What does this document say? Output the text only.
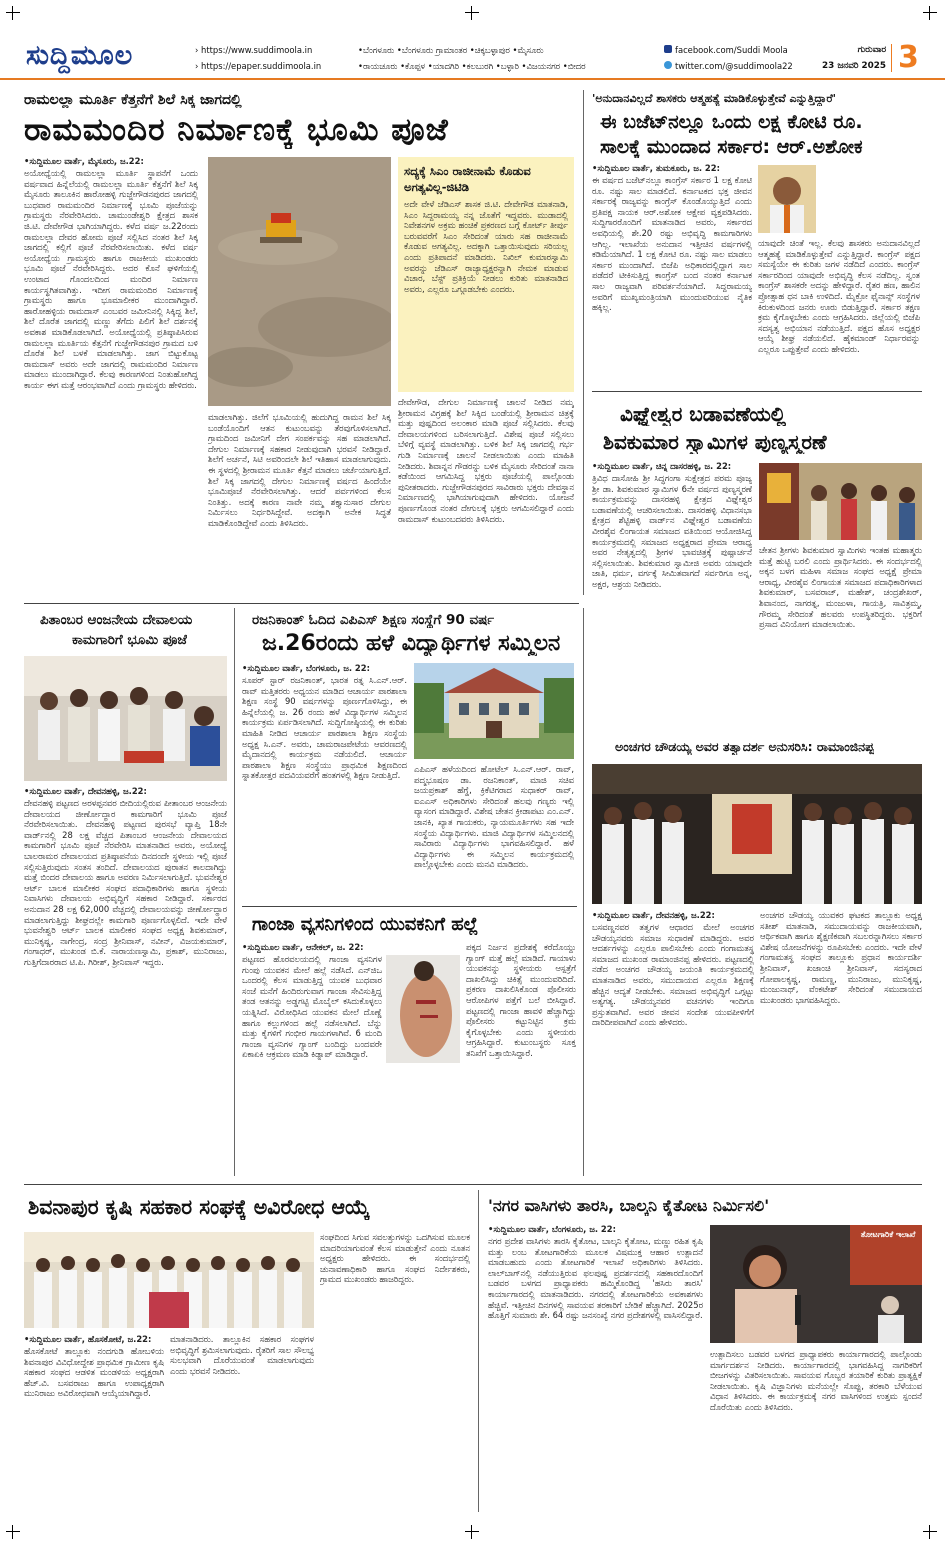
ಸುದ್ದಿಮೂಲ	› https://www.suddimoola.in
› https://epaper.suddimoola.in
•ಬೆಂಗಳೂರು •ಬೆಂಗಳೂರು ಗ್ರಾಮಾಂತರ •ಚಿಕ್ಕಬಳ್ಳಾಪುರ •ಮೈಸೂರು
•ರಾಯಚೂರು •ಕೊಪ್ಪಳ •ಯಾದಗಿರಿ •ಕಲಬುರಗಿ •ಬಳ್ಳಾರಿ •ವಿಜಯನಗರ •ಬೀದರ
facebook.com/Suddi Moola
twitter.com/@suddimoola22
ಗುರುವಾರ
23 ಜನವರಿ 2025 3
ರಾಮಲಲ್ಲಾ ಮೂರ್ತಿ ಕೆತ್ತನೆಗೆ ಶಿಲೆ ಸಿಕ್ಕ ಜಾಗದಲ್ಲಿ
ರಾಮಮಂದಿರ ನಿರ್ಮಾಣಕ್ಕೆ ಭೂಮಿ ಪೂಜೆ
•ಸುದ್ದಿಮೂಲ ವಾರ್ತೆ, ಮೈಸೂರು, ಜ.22:
ಅಯೋಧ್ಯೆಯಲ್ಲಿ ರಾಮಲಲ್ಲಾ ಮೂರ್ತಿ ಸ್ಥಾಪನೆಗೆ ಒಂದು ವರ್ಷವಾದ ಹಿನ್ನೆಲೆಯಲ್ಲಿ ರಾಮಲಲ್ಲಾ ಮೂರ್ತಿ ಕೆತ್ತನೆಗೆ ಶಿಲೆ ಸಿಕ್ಕ ಮೈಸೂರು ತಾಲೂಕಿನ ಹಾರೋಹಳ್ಳಿ ಗುಜ್ಜೇಗೌಡನಪುರದ ಜಾಗದಲ್ಲಿ ಬುಧವಾರ ರಾಮಮಂದಿರ ನಿರ್ಮಾಣಕ್ಕೆ ಭೂಮಿ ಪೂಜೆಯನ್ನು ಗ್ರಾಮಸ್ಥರು ನೆರವೇರಿಸಿದರು. ಚಾಮುಂಡೇಶ್ವರಿ ಕ್ಷೇತ್ರದ ಶಾಸಕ ಜಿ.ಟಿ. ದೇವೇಗೌಡ ಭಾಗಿಯಾಗಿದ್ದರು. ಕಳೆದ ವರ್ಷ ಜ.22ರಂದು ರಾಮಲಲ್ಲಾ ದೇವರ ಹೋಮ ಪೂಜೆ ಸಲ್ಲಿಸಿದ ನಂತರ ಶಿಲೆ ಸಿಕ್ಕ ಜಾಗದಲ್ಲಿ ಕಲ್ಲಿಗೆ ಪೂಜೆ ನೆರವೇರಿಸಲಾಯಿತು. ಕಳೆದ ವರ್ಷ ಅಯೋಧ್ಯೆಯ ಗ್ರಾಮಸ್ಥರು ಹಾಗೂ ರಾಜಕೀಯ ಮುಖಂಡರು ಭೂಮಿ ಪೂಜೆ ನೆರವೇರಿಸಿದ್ದರು. ಅದರ ಕೊನೆ ಘಳಿಗೆಯಲ್ಲಿ ಉಂಟಾದ ಗೊಂದಲದಿಂದ ಮಂದಿರ ನಿರ್ಮಾಣ ಕಾರ್ಯಸ್ಥಗಿತವಾಗಿತ್ತು. ಇದೀಗ ರಾಮಮಂದಿರ ನಿರ್ಮಾಣಕ್ಕೆ ಗ್ರಾಮಸ್ಥರು ಹಾಗೂ ಭೂಮಾಲೀಕರ ಮುಂದಾಗಿದ್ದಾರೆ. ಹಾರೋಹಳ್ಳಿಯ ರಾಮದಾಸ್ ಎಂಬವರ ಜಮೀನಿನಲ್ಲಿ ಸಿಕ್ಕಿದ್ದ ಶಿಲೆ, ಶಿಲೆ ದೊರೆತ ಜಾಗದಲ್ಲಿ ಮಣ್ಣು ತೆಗೆದು ಪಿಲಿಗೆ ಶಿಲೆ ದರ್ಶನಕ್ಕೆ ಅವಕಾಶ ಮಾಡಿಕೊಡಲಾಗಿದೆ. ಅಯೋಧ್ಯೆಯಲ್ಲಿ ಪ್ರತಿಷ್ಠಾಪಿಸಿರುವ ರಾಮಲಲ್ಲಾ ಮೂರ್ತಿಯ ಕೆತ್ತನೆಗೆ ಗುಜ್ಜೇಗೌಡನಪುರ ಗ್ರಾಮದ ಬಳಿ ದೊರೆತ ಶಿಲೆ ಬಳಕೆ ಮಾಡಲಾಗಿತ್ತು. ಜಾಗ ಬಿಟ್ಟುಕೊಟ್ಟ ರಾಮದಾಸ್ ಅವರು ಅದೇ ಜಾಗದಲ್ಲಿ ರಾಮಮಂದಿರ ನಿರ್ಮಾಣ ಮಾಡಲು ಮುಂದಾಗಿದ್ದಾರೆ. ಕೆಲವು ಕಾರಣಗಳಿಂದ ನಿಂತುಹೋಗಿದ್ದ ಕಾರ್ಯ ಈಗ ಮತ್ತೆ ಆರಂಭವಾಗಿದೆ ಎಂದು ಗ್ರಾಮಸ್ಥರು ಹೇಳಿದರು.
ಮಾಡಲಾಗಿತ್ತು. ಜಿಲೆಗೆ ಭೂಮಿಯಲ್ಲಿ ಹುದುಗಿದ್ದ ರಾಮನ ಶಿಲೆ ಸಿಕ್ಕ ಬಂಡೆಯೊಂದಿಗೆ ಆತನ ಕುಟುಂಬವನ್ನು ತೆರವುಗೊಳಿಸಲಾಗಿದೆ. ಗ್ರಾಮದಿಂದ ಜಮೀನಿಗೆ ದೇಗ ಸಂಪರ್ಕವನ್ನು ಸಹ ಮಾಡಲಾಗಿದೆ. ದೇಗುಲ ನಿರ್ಮಾಣಕ್ಕೆ ಸಹಕಾರ ನೀಡುವುದಾಗಿ ಭರವಸೆ ನೀಡಿದ್ದಾರೆ. ಶಿಲೆಗೆ ಅರ್ಚನೆ, ಸಿಟಿ ಅವರಿಂದಲೇ ಶಿಲೆ ಇತಿಹಾಸ ಮಾಡಲಾಗುವುದು. ಈ ಸ್ಥಳದಲ್ಲಿ ಶ್ರೀರಾಮನ ಮೂರ್ತಿ ಕೆತ್ತನೆ ಮಾಡಲು ಚರ್ಚೆಯಾಗುತ್ತಿದೆ. ಶಿಲೆ ಸಿಕ್ಕ ಜಾಗದಲ್ಲಿ ದೇಗುಲ ನಿರ್ಮಾಣಕ್ಕೆ ವರ್ಷದ ಹಿಂದೆಯೇ ಭೂಮಿಪೂಜೆ ನೆರವೇರಿಸಲಾಗಿತ್ತು. ಆದರೆ ಪರ್ವಗಳಿಂದ ಕೆಲಸ ನಿಂತಿತ್ತು. ಅದಕ್ಕೆ ಕಾರಣ ನಾವೇ ನಮ್ಮ ಶಕ್ತ್ಯಾನುಸಾರ ದೇಗುಲ ನಿರ್ಮಿಸಲು ನಿರ್ಧರಿಸಿದ್ದೇವೆ. ಅದಕ್ಕಾಗಿ ಅನೇಕ ಸಿದ್ಧತೆ ಮಾಡಿಕೊಂಡಿದ್ದೇವೆ ಎಂದು ತಿಳಿಸಿದರು.
ಸದ್ಯಕ್ಕೆ ಸಿಎಂ ರಾಜೀನಾಮೆ ಕೊಡುವ ಅಗತ್ಯವಿಲ್ಲ-ಜಿಟಿಡಿ
ಅದೇ ವೇಳೆ ಜೆಡಿಎಸ್ ಶಾಸಕ ಜಿ.ಟಿ. ದೇವೇಗೌಡ ಮಾತನಾಡಿ, ಸಿಎಂ ಸಿದ್ದರಾಮಯ್ಯ ನನ್ನ ಜೊತೆಗೆ ಇದ್ದವರು. ಮುಡಾದಲ್ಲಿ ನಿವೇಶನಗಳ ಅಕ್ರಮ ಹಂಚಿಕೆ ಪ್ರಕರಣದ ಬಗ್ಗೆ ಕೋರ್ಟ್ ತೀರ್ಪು ಬರುವವರೆಗೆ ಸಿಎಂ ಸೇರಿದಂತೆ ಯಾರು ಸಹ ರಾಜೀನಾಮೆ ಕೊಡುವ ಅಗತ್ಯವಿಲ್ಲ. ಅದಕ್ಕಾಗಿ ಒತ್ತಾಯಿಸುವುದು ಸರಿಯಲ್ಲ ಎಂದು ಪ್ರತಿಪಾದನೆ ಮಾಡಿದರು. ನಿಖಿಲ್ ಕುಮಾರಸ್ವಾಮಿ ಅವರನ್ನು ಜೆಡಿಎಸ್ ರಾಜ್ಯಾಧ್ಯಕ್ಷರನ್ನಾಗಿ ನೇಮಕ ಮಾಡುವ ವಿಚಾರ, ಬೆಸ್ಟ್ ಪ್ರತಿಕ್ರಿಯೆ ನೀಡಲು ಕುರಿತು ಮಾತನಾಡಿದ ಅವರು, ಎಲ್ಲರೂ ಒಗ್ಗೂಡಬೇಕು ಎಂದರು.
ದೇವೇಗೌಡ, ದೇಗುಲ ನಿರ್ಮಾಣಕ್ಕೆ ಚಾಲನೆ ನೀಡಿದ ನಮ್ಮ ಶ್ರೀರಾಮನ ವಿಗ್ರಹಕ್ಕೆ ಶಿಲೆ ಸಿಕ್ಕಿದ ಬಂಡೆಯಲ್ಲಿ ಶ್ರೀರಾಮನ ಚಿತ್ರಕ್ಕೆ ಮತ್ತು ಪುಷ್ಪದಿಂದ ಅಲಂಕಾರ ಮಾಡಿ ಪೂಜೆ ಸಲ್ಲಿಸಿದರು. ಕೆಲವು ದೇವಾಲಯಗಳಿಂದ ಬರಿಸಲಾಗುತ್ತಿದೆ. ವಿಶೇಷ ಪೂಜೆ ಸಲ್ಲಿಸಲು ಬೆಳಿಗ್ಗೆ ವ್ಯವಸ್ಥೆ ಮಾಡಲಾಗಿತ್ತು. ಬಳಿಕ ಶಿಲೆ ಸಿಕ್ಕ ಜಾಗದಲ್ಲಿ ಗರ್ಭ ಗುಡಿ ನಿರ್ಮಾಣಕ್ಕೆ ಚಾಲನೆ ನೀಡಲಾಯಿತು ಎಂದು ಮಾಹಿತಿ ನೀಡಿದರು. ಶಿವಾನ್ನನ ಗೌಡರನ್ನು ಬಳಿಕ ಮೈಸೂರು ಸೇರಿದಂತೆ ನಾನಾ ಕಡೆಯಿಂದ ಆಗಮಿಸಿದ್ದ ಭಕ್ತರು ಪೂಜೆಯಲ್ಲಿ ಪಾಲ್ಗೊಂಡು ಪುನೀತರಾದರು. ಗುಜ್ಜೇಗೌಡನಪುರದ ಸಾವಿರಾರು ಭಕ್ತರು ದೇವಸ್ಥಾನ ನಿರ್ಮಾಣದಲ್ಲಿ ಭಾಗಿಯಾಗುವುದಾಗಿ ಹೇಳಿದರು. ಯೋಜನೆ ಪೂರ್ಣಗೊಂಡ ನಂತರ ದೇಗುಲಕ್ಕೆ ಭಕ್ತರು ಆಗಮಿಸಲಿದ್ದಾರೆ ಎಂದು ರಾಮದಾಸ್ ಕುಟುಂಬದವರು ತಿಳಿಸಿದರು.
'ಅನುದಾನವಿಲ್ಲದೆ ಶಾಸಕರು ಆತ್ಮಹತ್ಯೆ ಮಾಡಿಕೊಳ್ಳುತ್ತೇವೆ ಎನ್ನುತ್ತಿದ್ದಾರೆ'
ಈ ಬಜೆಟ್‌ನಲ್ಲೂ ಒಂದು ಲಕ್ಷ ಕೋಟಿ ರೂ.
ಸಾಲಕ್ಕೆ ಮುಂದಾದ ಸರ್ಕಾರ: ಆರ್.ಅಶೋಕ
•ಸುದ್ದಿಮೂಲ ವಾರ್ತೆ, ತುಮಕೂರು, ಜ. 22:
ಈ ವರ್ಷದ ಬಜೆಟ್‌ನಲ್ಲೂ ಕಾಂಗ್ರೆಸ್ ಸರ್ಕಾರ 1 ಲಕ್ಷ ಕೋಟಿ ರೂ. ನಷ್ಟು ಸಾಲ ಮಾಡಲಿದೆ. ಕರ್ನಾಟಕದ ಭಕ್ತ ಜೀವನ ಸರ್ಕಾರಕ್ಕೆ ರಾಜ್ಯವನ್ನು ಕಾಂಗ್ರೆಸ್ ಕೊಂಡೊಯ್ಯುತ್ತಿದೆ ಎಂದು ಪ್ರತಿಪಕ್ಷ ನಾಯಕ ಆರ್.ಅಶೋಕ ಆಕ್ಷೇಪ ವ್ಯಕ್ತಪಡಿಸಿದರು. ಸುದ್ದಿಗಾರರೊಂದಿಗೆ ಮಾತನಾಡಿದ ಅವರು, ಸರ್ಕಾರದ ಅವಧಿಯಲ್ಲಿ ಶೇ.20 ರಷ್ಟು ಅಭಿವೃದ್ಧಿ ಕಾಮಗಾರಿಗಳು ಆಗಿಲ್ಲ. ಇಲಾಖೆಯ ಅನುದಾನ ಇತ್ತೀಚಿನ ವರ್ಷಗಳಲ್ಲಿ ಕಡಿಮೆಯಾಗಿದೆ. 1 ಲಕ್ಷ ಕೋಟಿ ರೂ. ನಷ್ಟು ಸಾಲ ಮಾಡಲು ಸರ್ಕಾರ ಮುಂದಾಗಿದೆ. ಬಿಜೆಪಿ ಅಧಿಕಾರದಲ್ಲಿದ್ದಾಗ ಸಾಲ ಪಡೆದರೆ ಟೀಕಿಸುತ್ತಿದ್ದ ಕಾಂಗ್ರೆಸ್ ಬಂದ ನಂತರ ಕರ್ನಾಟಕ ಸಾಲ ರಾಜ್ಯವಾಗಿ ಪರಿವರ್ತನೆಯಾಗಿದೆ. ಸಿದ್ದರಾಮಯ್ಯ ಅವರಿಗೆ ಮುಖ್ಯಮಂತ್ರಿಯಾಗಿ ಮುಂದುವರಿಯುವ ನೈತಿಕ ಹಕ್ಕಿಲ್ಲ.
ಯಾವುದೇ ಚಿಂತೆ ಇಲ್ಲ. ಕೆಲವು ಶಾಸಕರು ಅನುದಾನವಿಲ್ಲದೆ ಆತ್ಮಹತ್ಯೆ ಮಾಡಿಕೊಳ್ಳುತ್ತೇವೆ ಎನ್ನುತ್ತಿದ್ದಾರೆ. ಕಾಂಗ್ರೆಸ್ ಪಕ್ಷದ ಸಮಸ್ಯೆಯೇ ಈ ಕುರಿತು ಜಗಳ ನಡೆದಿದೆ ಎಂದರು. ಕಾಂಗ್ರೆಸ್ ಸರ್ಕಾರದಿಂದ ಯಾವುದೇ ಅಭಿವೃದ್ಧಿ ಕೆಲಸ ನಡೆದಿಲ್ಲ. ಸ್ವಂತ ಕಾಂಗ್ರೆಸ್ ಶಾಸಕರೇ ಅದನ್ನು ಹೇಳಿದ್ದಾರೆ. ರೈತರ ಹಣ, ಹಾಲಿನ ಪ್ರೋತ್ಸಾಹ ಧನ ಬಾಕಿ ಉಳಿದಿದೆ. ಮೈಕ್ರೋ ಫೈನಾನ್ಸ್ ಸಂಸ್ಥೆಗಳ ಕಿರುಕುಳದಿಂದ ಜನರು ಊರು ಬಿಡುತ್ತಿದ್ದಾರೆ. ಸರ್ಕಾರ ತಕ್ಷಣ ಕ್ರಮ ಕೈಗೊಳ್ಳಬೇಕು ಎಂದು ಆಗ್ರಹಿಸಿದರು. ಜಿಲ್ಲೆಯಲ್ಲಿ ಬಿಜೆಪಿ ಸದಸ್ಯತ್ವ ಅಭಿಯಾನ ನಡೆಯುತ್ತಿದೆ. ಪಕ್ಷದ ಹೊಸ ಅಧ್ಯಕ್ಷರ ಆಯ್ಕೆ ಶೀಘ್ರ ನಡೆಯಲಿದೆ. ಹೈಕಮಾಂಡ್ ನಿರ್ಧಾರವನ್ನು ಎಲ್ಲರೂ ಒಪ್ಪುತ್ತೇವೆ ಎಂದು ಹೇಳಿದರು.
ವಿಘ್ನೇಶ್ವರ ಬಡಾವಣೆಯಲ್ಲಿ
ಶಿವಕುಮಾರ ಸ್ವಾಮಿಗಳ ಪುಣ್ಯಸ್ಮರಣೆ
•ಸುದ್ದಿಮೂಲ ವಾರ್ತೆ, ಚಿನ್ನ ದಾಸರಹಳ್ಳಿ, ಜ. 22:
ತ್ರಿವಿಧ ದಾಸೋಹಿ ಶ್ರೀ ಸಿದ್ಧಗಂಗಾ ಸುಕ್ಷೇತ್ರದ ಪರಮ ಪೂಜ್ಯ ಶ್ರೀ ಡಾ. ಶಿವಕುಮಾರ ಸ್ವಾಮಿಗಳ 6ನೇ ವರ್ಷದ ಪುಣ್ಯಸ್ಮರಣೆ ಕಾರ್ಯಕ್ರಮವನ್ನು ದಾಸರಹಳ್ಳಿ ಕ್ಷೇತ್ರದ ವಿಘ್ನೇಶ್ವರ ಬಡಾವಣೆಯಲ್ಲಿ ಆಚರಿಸಲಾಯಿತು. ದಾಸರಹಳ್ಳಿ ವಿಧಾನಸಭಾ ಕ್ಷೇತ್ರದ ಶೆಟ್ಟಿಹಳ್ಳಿ ವಾರ್ಡ್‌ನ ವಿಘ್ನೇಶ್ವರ ಬಡಾವಣೆಯ ವೀರಶೈವ ಲಿಂಗಾಯತ ಸಮಾಜದ ವತಿಯಿಂದ ಆಯೋಜಿಸಿದ್ದ ಕಾರ್ಯಕ್ರಮದಲ್ಲಿ ಸಮಾಜದ ಅಧ್ಯಕ್ಷರಾದ ಪ್ರೇಮಾ ಆರಾಧ್ಯ ಅವರ ನೇತೃತ್ವದಲ್ಲಿ ಶ್ರೀಗಳ ಭಾವಚಿತ್ರಕ್ಕೆ ಪುಷ್ಪಾರ್ಚನೆ ಸಲ್ಲಿಸಲಾಯಿತು. ಶಿವಕುಮಾರ ಸ್ವಾಮೀಜಿ ಅವರು ಯಾವುದೇ ಜಾತಿ, ಧರ್ಮ, ವರ್ಗಕ್ಕೆ ಸೀಮಿತವಾಗದೆ ಸರ್ವರಿಗೂ ಅನ್ನ, ಅಕ್ಷರ, ಆಶ್ರಯ ನೀಡಿದರು.
ಚೇತನ ಶ್ರೀಗಳು ಶಿವಕುಮಾರ ಸ್ವಾಮಿಗಳು ಇಂತಹ ಮಹಾತ್ಮರು ಮತ್ತೆ ಹುಟ್ಟಿ ಬರಲಿ ಎಂದು ಪ್ರಾರ್ಥಿಸಿದರು. ಈ ಸಂದರ್ಭದಲ್ಲಿ ಅಕ್ಕನ ಬಳಗ ಮಹಿಳಾ ಸಮಾಜ ಸಂಘದ ಅಧ್ಯಕ್ಷೆ ಪ್ರೇಮಾ ಆರಾಧ್ಯ, ವೀರಶೈವ ಲಿಂಗಾಯತ ಸಮಾಜದ ಪದಾಧಿಕಾರಿಗಳಾದ ಶಿವಕುಮಾರ್, ಬಸವರಾಜ್, ಮಹೇಶ್, ಚಂದ್ರಶೇಖರ್, ಶಿವಾನಂದ, ನಾಗರತ್ನ, ಮಂಜುಳಾ, ಗಾಯತ್ರಿ, ಸಾವಿತ್ರಮ್ಮ, ಗೌರಮ್ಮ ಸೇರಿದಂತೆ ಹಲವರು ಉಪಸ್ಥಿತರಿದ್ದರು. ಭಕ್ತರಿಗೆ ಪ್ರಸಾದ ವಿನಿಯೋಗ ಮಾಡಲಾಯಿತು.
ಪಿತಾಂಬರ ಆಂಜನೇಯ ದೇವಾಲಯ
ಕಾಮಗಾರಿಗೆ ಭೂಮಿ ಪೂಜೆ
•ಸುದ್ದಿಮೂಲ ವಾರ್ತೆ, ದೇವನಹಳ್ಳಿ, ಜ.22:
ದೇವನಹಳ್ಳಿ ಪಟ್ಟಣದ ಅರಳಪ್ಪನವರ ಬೀದಿಯಲ್ಲಿರುವ ಪೀತಾಂಬರ ಆಂಜನೇಯ ದೇವಾಲಯದ ಜೀರ್ಣೋದ್ಧಾರ ಕಾಮಗಾರಿಗೆ ಭೂಮಿ ಪೂಜೆ ನೆರವೇರಿಸಲಾಯಿತು. ದೇವನಹಳ್ಳಿ ಪಟ್ಟಣದ ಪುರಸಭೆ ವ್ಯಾಪ್ತಿ 18ನೇ ವಾರ್ಡ್‌ನಲ್ಲಿ 28 ಲಕ್ಷ ವೆಚ್ಚದ ಪಿತಾಂಬರ ಆಂಜನೇಯ ದೇವಾಲಯದ ಕಾಮಗಾರಿಗೆ ಭೂಮಿ ಪೂಜೆ ನೆರವೇರಿಸಿ ಮಾತನಾಡಿದ ಅವರು, ಅಯೋಧ್ಯೆ ಬಾಲರಾಮರ ದೇವಾಲಯದ ಪ್ರತಿಷ್ಠಾಪನೆಯ ದಿನದಂದೇ ಸ್ಥಳೀಯ ಇಲ್ಲಿ ಪೂಜೆ ಸಲ್ಲಿಸುತ್ತಿರುವುದು ಸಂತಸ ತಂದಿದೆ. ದೇವಾಲಯದ ಪುರಾತನ ಕಾಲದಾಗಿದ್ದು ಮತ್ತೆ ಬಿಂದರ ದೇವಾಲಯ ಹಾಗೂ ಅವರಣ ನಿರ್ಮಿಸಲಾಗುತ್ತಿದೆ. ಭುವನೇಶ್ವರ ಆರ್ಟ್ ಬಾಲಕ ಮಾಲೀಕರ ಸಂಘದ ಪದಾಧಿಕಾರಿಗಳು ಹಾಗೂ ಸ್ಥಳೀಯ ನಿವಾಸಿಗಳು ದೇವಾಲಯ ಅಭಿವೃದ್ಧಿಗೆ ಸಹಕಾರ ನೀಡಿದ್ದಾರೆ. ಸರ್ಕಾರದ ಅನುದಾನ 28 ಲಕ್ಷ 62,000 ವೆಚ್ಚದಲ್ಲಿ ದೇವಾಲಯವನ್ನು ಜೀರ್ಣೋದ್ಧಾರ ಮಾಡಲಾಗುತ್ತಿದ್ದು ಶೀಘ್ರದಲ್ಲೇ ಕಾಮಗಾರಿ ಪೂರ್ಣಗೊಳ್ಳಲಿದೆ. ಇದೇ ವೇಳೆ ಭುವನೇಶ್ವರಿ ಆರ್ಟ್ ಬಾಲಕ ಮಾಲೀಕರ ಸಂಘದ ಅಧ್ಯಕ್ಷ ಶಿವಕುಮಾರ್, ಮುನಿಕೃಷ್ಣ, ನಾಗೇಂದ್ರ, ಸಂದ್ರ ಶ್ರೀನಿವಾಸ್, ನವೀನ್, ವಿಜಯಕುಮಾರ್, ಗಂಗಾಧರ್, ಮುಖಂಡ ಬಿ.ಕೆ. ನಾರಾಯಣಸ್ವಾಮಿ, ಪ್ರಕಾಶ್, ಮುನಿರಾಜು, ಗುತ್ತಿಗೆದಾರರಾದ ಟಿ.ಪಿ. ಗಿರೀಶ್, ಶ್ರೀನಿವಾಸ್ ಇದ್ದರು.
ರಜನಿಕಾಂತ್ ಓದಿದ ಎಪಿಎಸ್ ಶಿಕ್ಷಣ ಸಂಸ್ಥೆಗೆ 90 ವರ್ಷ
ಜ.26ರಂದು ಹಳೆ ವಿದ್ಯಾರ್ಥಿಗಳ ಸಮ್ಮಿಲನ
•ಸುದ್ದಿಮೂಲ ವಾರ್ತೆ, ಬೆಂಗಳೂರು, ಜ. 22:
ಸೂಪರ್ ಸ್ಟಾರ್ ರಜನಿಕಾಂತ್, ಭಾರತ ರತ್ನ ಸಿ.ಎನ್.ಆರ್. ರಾವ್ ಮತ್ತಿತರರು ಅಧ್ಯಯನ ಮಾಡಿದ ಆಚಾರ್ಯ ಪಾಠಶಾಲಾ ಶಿಕ್ಷಣ ಸಂಸ್ಥೆ 90 ವರ್ಷಗಳನ್ನು ಪೂರ್ಣಗೊಳಿಸಿದ್ದು, ಈ ಹಿನ್ನೆಲೆಯಲ್ಲಿ ಜ. 26 ರಂದು ಹಳೆ ವಿದ್ಯಾರ್ಥಿಗಳ ಸಮ್ಮಿಲನ ಕಾರ್ಯಕ್ರಮ ಏರ್ಪಡಿಸಲಾಗಿದೆ. ಸುದ್ದಿಗೋಷ್ಠಿಯಲ್ಲಿ ಈ ಕುರಿತು ಮಾಹಿತಿ ನೀಡಿದ ಆಚಾರ್ಯ ಪಾಠಶಾಲಾ ಶಿಕ್ಷಣ ಸಂಸ್ಥೆಯ ಅಧ್ಯಕ್ಷ ಸಿ.ಎನ್. ಅವರು, ಚಾಮರಾಜಪೇಟೆಯ ಆವರಣದಲ್ಲಿ ಮೈದಾನದಲ್ಲಿ ಕಾರ್ಯಕ್ರಮ ನಡೆಯಲಿದೆ. ಆಚಾರ್ಯ ಪಾಠಶಾಲಾ ಶಿಕ್ಷಣ ಸಂಸ್ಥೆಯು ಪ್ರಾಥಮಿಕ ಶಿಕ್ಷಣದಿಂದ ಸ್ನಾತಕೋತ್ತರ ಪದವಿಯವರೆಗೆ ಹಂತಗಳಲ್ಲಿ ಶಿಕ್ಷಣ ನೀಡುತ್ತಿದೆ.
ಎಪಿಎಸ್ ಹಳೆಯದಿಂದ ಹೋಟೆಲ್ ಸಿ.ಎನ್.ಆರ್. ರಾವ್, ಪದ್ಮಭೂಷಣ ಡಾ. ರಜನಿಕಾಂತ್, ಮಾಜಿ ಸಚಿವ ಜಯಪ್ರಕಾಶ್ ಹೆಗ್ಡೆ, ಕ್ರಿಕೆಟಿಗರಾದ ಸುಧಾಕರ್ ರಾವ್, ಐಎಎಸ್ ಅಧಿಕಾರಿಗಳು ಸೇರಿದಂತೆ ಹಲವು ಗಣ್ಯರು ಇಲ್ಲಿ ವ್ಯಾಸಂಗ ಮಾಡಿದ್ದಾರೆ. ವಿಶೇಷ ಚೇತನ ಕ್ರೀಡಾಪಟು ಎಂ.ಎನ್. ಜಾನಕಿ, ಖ್ಯಾತ ಗಾಯಕರು, ನ್ಯಾಯಮೂರ್ತಿಗಳು ಸಹ ಇದೇ ಸಂಸ್ಥೆಯ ವಿದ್ಯಾರ್ಥಿಗಳು. ಮಾಜಿ ವಿದ್ಯಾರ್ಥಿಗಳ ಸಮ್ಮಿಲನದಲ್ಲಿ ಸಾವಿರಾರು ವಿದ್ಯಾರ್ಥಿಗಳು ಭಾಗವಹಿಸಲಿದ್ದಾರೆ. ಹಳೆ ವಿದ್ಯಾರ್ಥಿಗಳು ಈ ಸಮ್ಮಿಲನ ಕಾರ್ಯಕ್ರಮದಲ್ಲಿ ಪಾಲ್ಗೊಳ್ಳಬೇಕು ಎಂದು ಮನವಿ ಮಾಡಿದರು.
ಗಾಂಜಾ ವ್ಯಸನಿಗಳಿಂದ ಯುವಕನಿಗೆ ಹಲ್ಲೆ
•ಸುದ್ದಿಮೂಲ ವಾರ್ತೆ, ಆನೇಕಲ್, ಜ. 22:
ಪಟ್ಟಣದ ಹೊರವಲಯದಲ್ಲಿ ಗಾಂಜಾ ವ್ಯಸನಿಗಳ ಗುಂಪು ಯುವಕನ ಮೇಲೆ ಹಲ್ಲೆ ನಡೆಸಿದೆ. ಎನ್‌ಜಿಒ ಒಂದರಲ್ಲಿ ಕೆಲಸ ಮಾಡುತ್ತಿದ್ದ ಯುವಕ ಬುಧವಾರ ಸಂಜೆ ಮನೆಗೆ ಹಿಂದಿರುಗುವಾಗ ಗಾಂಜಾ ಸೇವಿಸುತ್ತಿದ್ದ ತಂಡ ಆತನನ್ನು ಅಡ್ಡಗಟ್ಟಿ ಮೊಬೈಲ್ ಕಸಿದುಕೊಳ್ಳಲು ಯತ್ನಿಸಿದೆ. ವಿರೋಧಿಸಿದ ಯುವಕನ ಮೇಲೆ ದೊಣ್ಣೆ ಹಾಗೂ ಕಲ್ಲುಗಳಿಂದ ಹಲ್ಲೆ ನಡೆಸಲಾಗಿದೆ. ಬೆನ್ನು ಮತ್ತು ಕೈಗಳಿಗೆ ಗಂಭೀರ ಗಾಯಗಳಾಗಿವೆ. 6 ಮಂದಿ ಗಾಂಜಾ ವ್ಯಸನಿಗಳ ಗ್ಯಾಂಗ್ ಬಂದಿದ್ದು ಬಂದವರೇ ಏಕಾಏಕಿ ಆಕ್ರಮಣ ಮಾಡಿ ಕಿಡ್ನಾಪ್ ಮಾಡಿದ್ದಾರೆ.
ಪಕ್ಕದ ನಿರ್ಜನ ಪ್ರದೇಶಕ್ಕೆ ಕರೆದೊಯ್ದು ಗ್ಯಾಂಗ್ ಮತ್ತೆ ಹಲ್ಲೆ ಮಾಡಿದೆ. ಗಾಯಾಳು ಯುವಕನನ್ನು ಸ್ಥಳೀಯರು ಆಸ್ಪತ್ರೆಗೆ ದಾಖಲಿಸಿದ್ದು ಚಿಕಿತ್ಸೆ ಮುಂದುವರಿದಿದೆ. ಪ್ರಕರಣ ದಾಖಲಿಸಿಕೊಂಡ ಪೊಲೀಸರು ಆರೋಪಿಗಳ ಪತ್ತೆಗೆ ಬಲೆ ಬೀಸಿದ್ದಾರೆ. ಪಟ್ಟಣದಲ್ಲಿ ಗಾಂಜಾ ಹಾವಳಿ ಹೆಚ್ಚಾಗಿದ್ದು ಪೊಲೀಸರು ಕಟ್ಟುನಿಟ್ಟಿನ ಕ್ರಮ ಕೈಗೊಳ್ಳಬೇಕು ಎಂದು ಸ್ಥಳೀಯರು ಆಗ್ರಹಿಸಿದ್ದಾರೆ. ಕುಟುಂಬಸ್ಥರು ಸೂಕ್ತ ತನಿಖೆಗೆ ಒತ್ತಾಯಿಸಿದ್ದಾರೆ.
ಅಂಚಗರ ಚೌಡಯ್ಯ ಅವರ ತತ್ವಾದರ್ಶ ಅನುಸರಿಸಿ: ರಾಮಾಂಜಿನಪ್ಪ
•ಸುದ್ದಿಮೂಲ ವಾರ್ತೆ, ದೇವನಹಳ್ಳಿ, ಜ.22:
ಬಸವಣ್ಣನವರ ತತ್ವಗಳ ಆಧಾರದ ಮೇಲೆ ಅಂಚಗರ ಚೌಡಯ್ಯನವರು ಸಮಾಜ ಸುಧಾರಣೆ ಮಾಡಿದ್ದರು. ಅವರ ಆದರ್ಶಗಳನ್ನು ಎಲ್ಲರೂ ಪಾಲಿಸಬೇಕು ಎಂದು ಗಂಗಾಮತಸ್ಥ ಸಮಾಜದ ಮುಖಂಡ ರಾಮಾಂಜಿನಪ್ಪ ಹೇಳಿದರು. ಪಟ್ಟಣದಲ್ಲಿ ನಡೆದ ಅಂಚಗರ ಚೌಡಯ್ಯ ಜಯಂತಿ ಕಾರ್ಯಕ್ರಮದಲ್ಲಿ ಮಾತನಾಡಿದ ಅವರು, ಸಮುದಾಯದ ಎಲ್ಲರೂ ಶಿಕ್ಷಣಕ್ಕೆ ಹೆಚ್ಚಿನ ಆದ್ಯತೆ ನೀಡಬೇಕು. ಸಮಾಜದ ಅಭಿವೃದ್ಧಿಗೆ ಒಗ್ಗಟ್ಟು ಅತ್ಯಗತ್ಯ. ಚೌಡಯ್ಯನವರ ವಚನಗಳು ಇಂದಿಗೂ ಪ್ರಸ್ತುತವಾಗಿವೆ. ಅವರ ಜೀವನ ಸಂದೇಶ ಯುವಪೀಳಿಗೆಗೆ ದಾರಿದೀಪವಾಗಿದೆ ಎಂದು ಹೇಳಿದರು.
ಅಂಚಗರ ಚೌಡಯ್ಯ ಯುವಕರ ಘಟಕದ ತಾಲ್ಲೂಕು ಅಧ್ಯಕ್ಷ ಸತೀಶ್ ಮಾತನಾಡಿ, ಸಮುದಾಯವನ್ನು ರಾಜಕೀಯವಾಗಿ, ಆರ್ಥಿಕವಾಗಿ ಹಾಗೂ ಶೈಕ್ಷಣಿಕವಾಗಿ ಸಬಲರನ್ನಾಗಿಸಲು ಸರ್ಕಾರ ವಿಶೇಷ ಯೋಜನೆಗಳನ್ನು ರೂಪಿಸಬೇಕು ಎಂದರು. ಇದೇ ವೇಳೆ ಗಂಗಾಮತಸ್ಥ ಸಂಘದ ತಾಲ್ಲೂಕು ಪ್ರಧಾನ ಕಾರ್ಯದರ್ಶಿ ಶ್ರೀನಿವಾಸ್, ಖಜಾಂಚಿ ಶ್ರೀನಿವಾಸ್, ಸದಸ್ಯರಾದ ಗೋಪಾಲಕೃಷ್ಣ, ರಾಮಣ್ಣ, ಮುನಿರಾಜು, ಮುನಿಕೃಷ್ಣ, ಮಂಜುನಾಥ್, ವೆಂಕಟೇಶ್ ಸೇರಿದಂತೆ ಸಮುದಾಯದ ಮುಖಂಡರು ಭಾಗವಹಿಸಿದ್ದರು.
ಶಿವನಾಪುರ ಕೃಷಿ ಸಹಕಾರ ಸಂಘಕ್ಕೆ ಅವಿರೋಧ ಆಯ್ಕೆ
•ಸುದ್ದಿಮೂಲ ವಾರ್ತೆ, ಹೊಸಕೋಟೆ, ಜ.22:
ಹೊಸಕೋಟೆ ತಾಲ್ಲೂಕು ನಂದಗುಡಿ ಹೋಬಳಿಯ ಶಿವನಾಪುರ ವಿವಿಧೋದ್ದೇಶ ಪ್ರಾಥಮಿಕ ಗ್ರಾಮೀಣ ಕೃಷಿ ಸಹಕಾರ ಸಂಘದ ಆಡಳಿತ ಮಂಡಳಿಯ ಅಧ್ಯಕ್ಷರಾಗಿ ಹೆಚ್.ವಿ. ಬಸವರಾಜು ಹಾಗೂ ಉಪಾಧ್ಯಕ್ಷರಾಗಿ ಮುನಿರಾಜು ಅವಿರೋಧವಾಗಿ ಆಯ್ಕೆಯಾಗಿದ್ದಾರೆ.
ಮಾತನಾಡಿದರು. ತಾಲ್ಲೂಕಿನ ಸಹಕಾರ ಸಂಘಗಳ ಅಭಿವೃದ್ಧಿಗೆ ಶ್ರಮಿಸಲಾಗುವುದು. ರೈತರಿಗೆ ಸಾಲ ಸೌಲಭ್ಯ ಸುಲಭವಾಗಿ ದೊರೆಯುವಂತೆ ಮಾಡಲಾಗುವುದು ಎಂದು ಭರವಸೆ ನೀಡಿದರು.
ಸಂಘದಿಂದ ಸಿಗುವ ಸವಲತ್ತುಗಳನ್ನು ಒದಗಿಸುವ ಮೂಲಕ ಮಾದರಿಯಾಗುವಂತೆ ಕೆಲಸ ಮಾಡುತ್ತೇನೆ ಎಂದು ನೂತನ ಅಧ್ಯಕ್ಷರು ಹೇಳಿದರು. ಈ ಸಂದರ್ಭದಲ್ಲಿ ಚುನಾವಣಾಧಿಕಾರಿ ಹಾಗೂ ಸಂಘದ ನಿರ್ದೇಶಕರು, ಗ್ರಾಮದ ಮುಖಂಡರು ಹಾಜರಿದ್ದರು.
'ನಗರ ವಾಸಿಗಳು ತಾರಸಿ, ಬಾಲ್ಕನಿ ಕೈತೋಟ ನಿರ್ಮಿಸಲಿ'
•ಸುದ್ದಿಮೂಲ ವಾರ್ತೆ, ಬೆಂಗಳೂರು, ಜ. 22:
ನಗರ ಪ್ರದೇಶ ವಾಸಿಗಳು ತಾರಸಿ ಕೈತೋಟ, ಬಾಲ್ಕನಿ ಕೈತೋಟ, ಮಣ್ಣು ರಹಿತ ಕೃಷಿ ಮತ್ತು ಲಂಬ ತೋಟಗಾರಿಕೆಯ ಮೂಲಕ ವಿಷಮುಕ್ತ ಆಹಾರ ಉತ್ಪಾದನೆ ಮಾಡಬಹುದು ಎಂದು ತೋಟಗಾರಿಕೆ ಇಲಾಖೆ ಅಧಿಕಾರಿಗಳು ತಿಳಿಸಿದರು. ಲಾಲ್‌ಬಾಗ್‌ನಲ್ಲಿ ನಡೆಯುತ್ತಿರುವ ಫಲಪುಷ್ಪ ಪ್ರದರ್ಶನದಲ್ಲಿ ಸಹಕಾರದೊಂದಿಗೆ ಬಡವರ ಬಳಗದ ಪ್ರಾಧ್ಯಾಪಕರು ಹಮ್ಮಿಕೊಂಡಿದ್ದ 'ಹಸಿರು ತಾರಸಿ' ಕಾರ್ಯಾಗಾರದಲ್ಲಿ ಮಾತನಾಡಿದರು. ನಗರದಲ್ಲಿ ತೋಟಗಾರಿಕೆಯ ಅವಕಾಶಗಳು ಹೆಚ್ಚಿವೆ. ಇತ್ತೀಚಿನ ದಿನಗಳಲ್ಲಿ ಸಾವಯವ ತರಕಾರಿಗೆ ಬೇಡಿಕೆ ಹೆಚ್ಚಾಗಿದೆ. 2025ರ ಹೊತ್ತಿಗೆ ಸುಮಾರು ಶೇ. 64 ರಷ್ಟು ಜನಸಂಖ್ಯೆ ನಗರ ಪ್ರದೇಶಗಳಲ್ಲಿ ವಾಸಿಸಲಿದ್ದಾರೆ.
ತೋಟಗಾರಿಕೆ ಇಲಾಖೆ
ಉತ್ಪಾದಿಸಲು ಬಡವರ ಬಳಗದ ಪ್ರಾಧ್ಯಾಪಕರು ಕಾರ್ಯಾಗಾರದಲ್ಲಿ ಪಾಲ್ಗೊಂಡು ಮಾರ್ಗದರ್ಶನ ನೀಡಿದರು. ಕಾರ್ಯಾಗಾರದಲ್ಲಿ ಭಾಗವಹಿಸಿದ್ದ ನಾಗರಿಕರಿಗೆ ಬೀಜಗಳನ್ನು ವಿತರಿಸಲಾಯಿತು. ಸಾವಯವ ಗೊಬ್ಬರ ತಯಾರಿಕೆ ಕುರಿತು ಪ್ರಾತ್ಯಕ್ಷಿಕೆ ನೀಡಲಾಯಿತು. ಕೃಷಿ ವಿಜ್ಞಾನಿಗಳು ಮನೆಯಲ್ಲೇ ಸೊಪ್ಪು, ತರಕಾರಿ ಬೆಳೆಯುವ ವಿಧಾನ ತಿಳಿಸಿದರು. ಈ ಕಾರ್ಯಕ್ರಮಕ್ಕೆ ನಗರ ವಾಸಿಗಳಿಂದ ಉತ್ತಮ ಸ್ಪಂದನೆ ದೊರೆಯಿತು ಎಂದು ತಿಳಿಸಿದರು.
